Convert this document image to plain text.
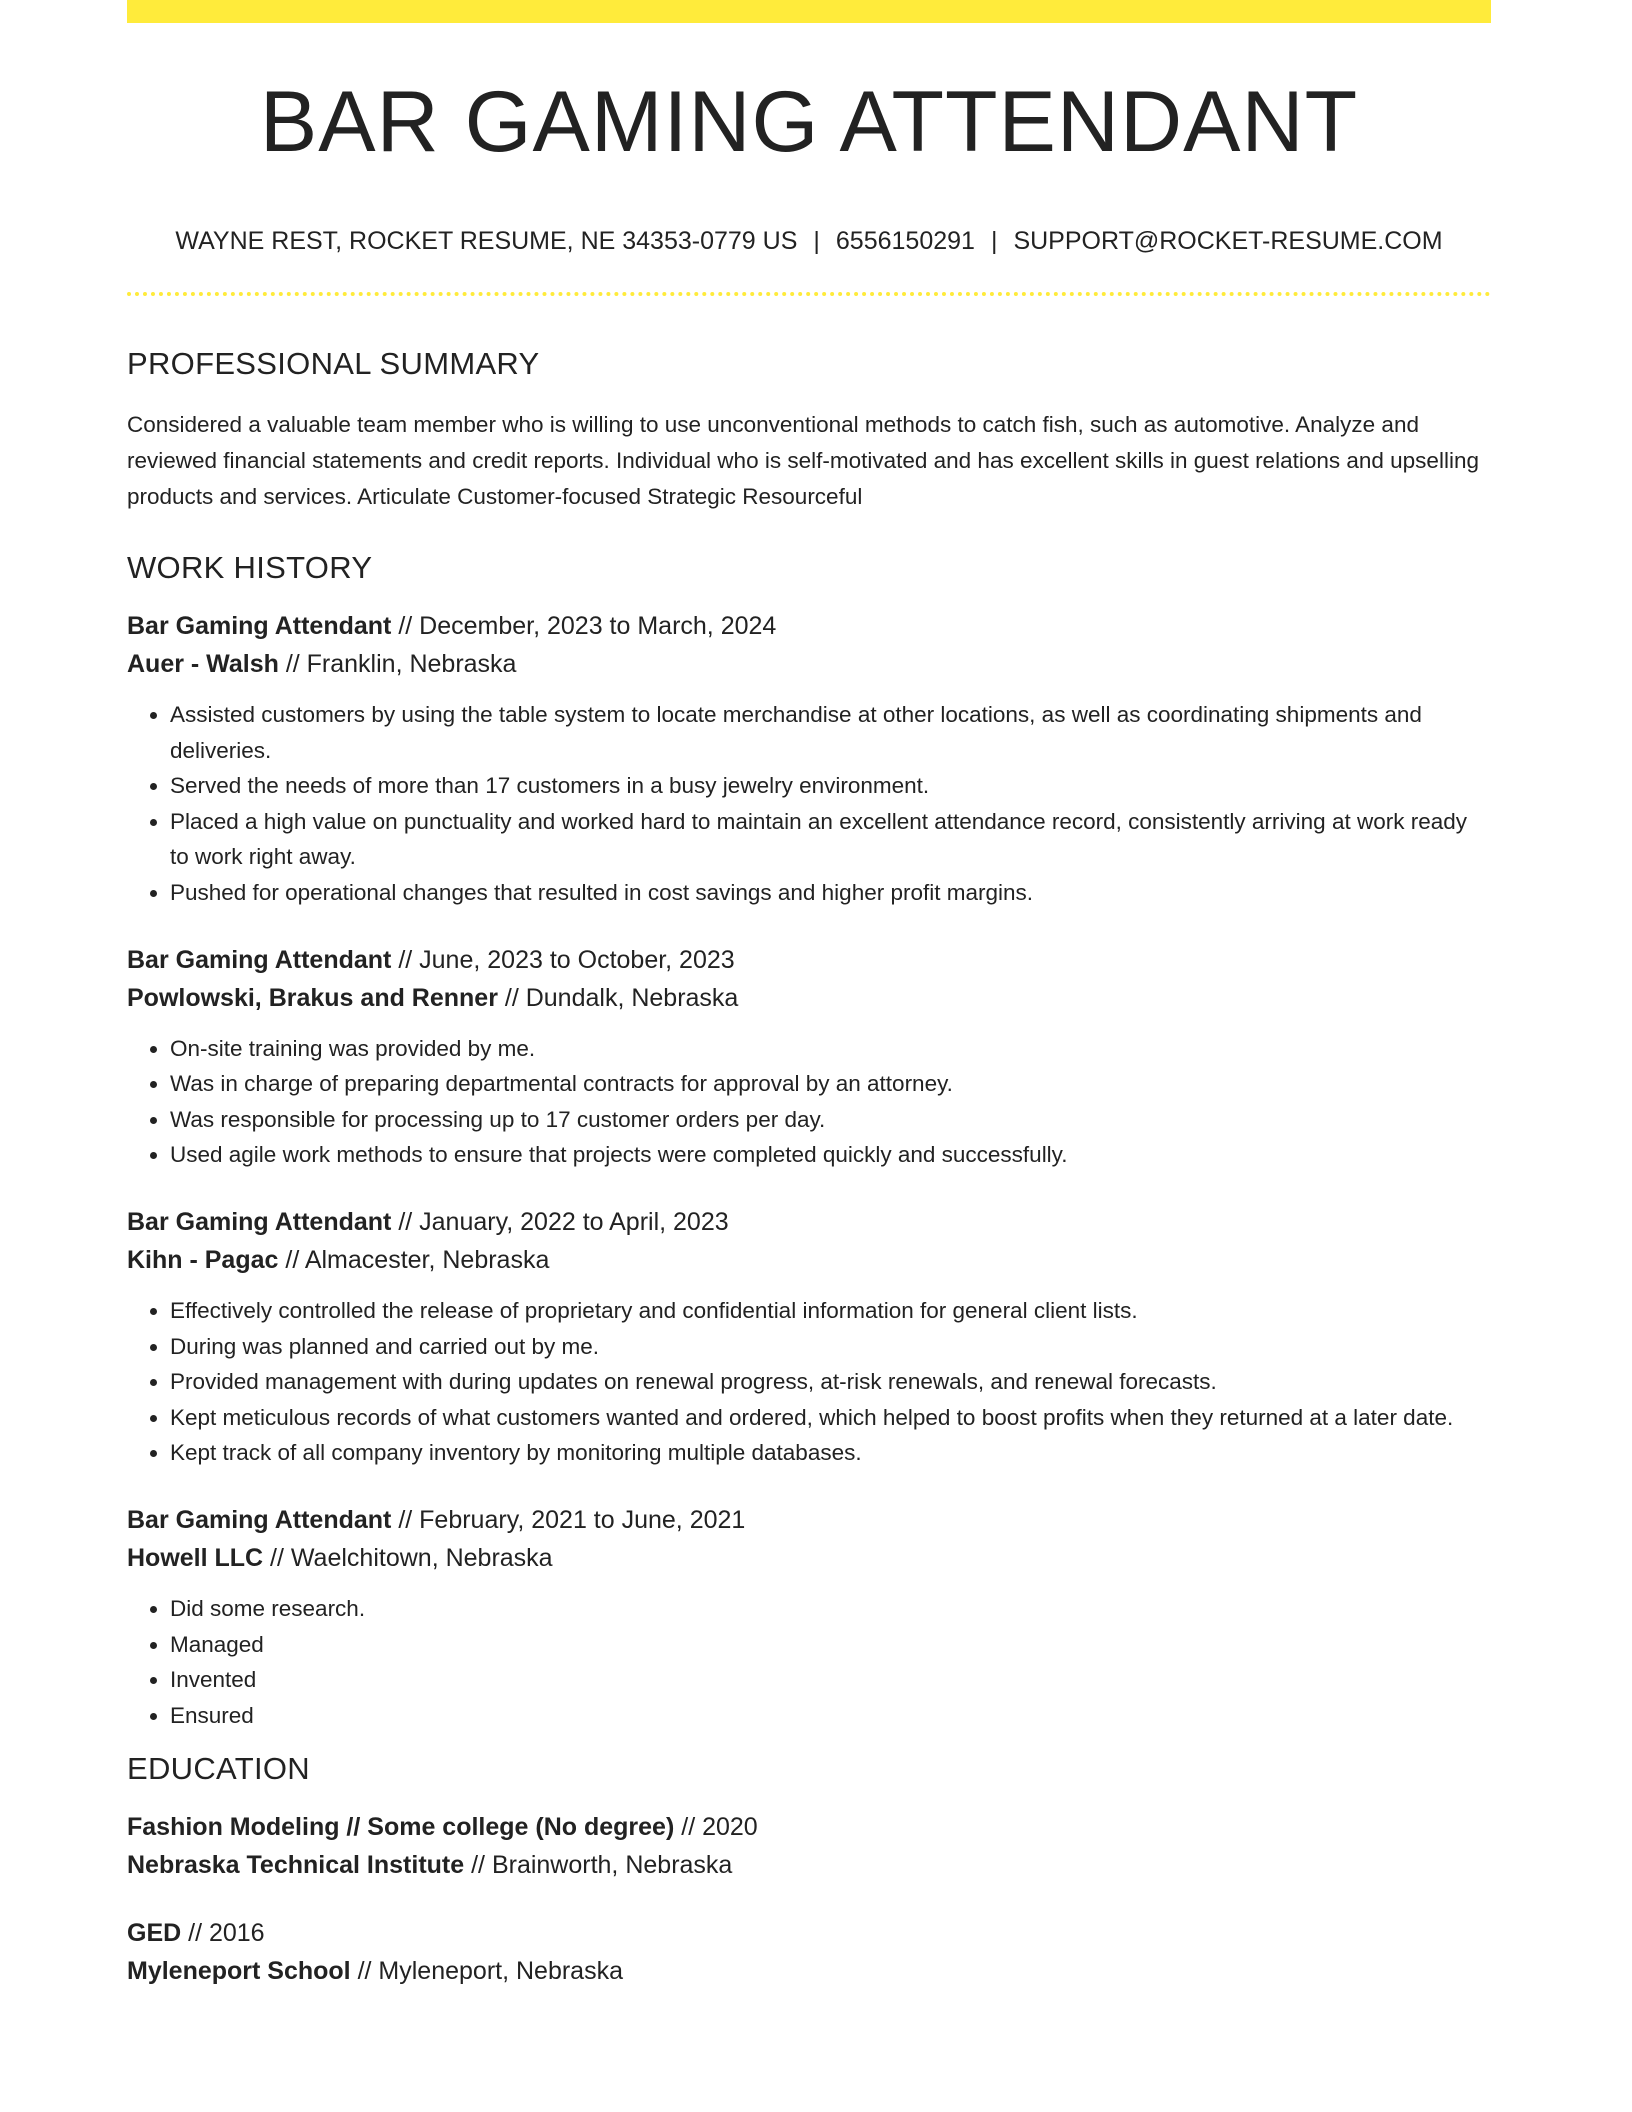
BAR GAMING ATTENDANT
WAYNE REST, ROCKET RESUME, NE 34353-0779 US | 6556150291 | SUPPORT@ROCKET-RESUME.COM
PROFESSIONAL SUMMARY

Considered a valuable team member who is willing to use unconventional methods to catch fish, such as automotive. Analyze and reviewed financial statements and credit reports. Individual who is self-motivated and has excellent skills in guest relations and upselling products and services. Articulate Customer-focused Strategic Resourceful

WORK HISTORY
Bar Gaming Attendant // December, 2023 to March, 2024
Auer - Walsh // Franklin, Nebraska
• Assisted customers by using the table system to locate merchandise at other locations, as well as coordinating shipments and deliveries.
• Served the needs of more than 17 customers in a busy jewelry environment.
• Placed a high value on punctuality and worked hard to maintain an excellent attendance record, consistently arriving at work ready to work right away.
• Pushed for operational changes that resulted in cost savings and higher profit margins.
Bar Gaming Attendant // June, 2023 to October, 2023
Powlowski, Brakus and Renner // Dundalk, Nebraska
• On-site training was provided by me.
• Was in charge of preparing departmental contracts for approval by an attorney.
• Was responsible for processing up to 17 customer orders per day.
• Used agile work methods to ensure that projects were completed quickly and successfully.
Bar Gaming Attendant // January, 2022 to April, 2023
Kihn - Pagac // Almacester, Nebraska
• Effectively controlled the release of proprietary and confidential information for general client lists.
• During was planned and carried out by me.
• Provided management with during updates on renewal progress, at-risk renewals, and renewal forecasts.
• Kept meticulous records of what customers wanted and ordered, which helped to boost profits when they returned at a later date.
• Kept track of all company inventory by monitoring multiple databases.
Bar Gaming Attendant // February, 2021 to June, 2021
Howell LLC // Waelchitown, Nebraska
• Did some research.
• Managed
• Invented
• Ensured
EDUCATION
Fashion Modeling // Some college (No degree) // 2020
Nebraska Technical Institute // Brainworth, Nebraska
GED // 2016
Myleneport School // Myleneport, Nebraska
